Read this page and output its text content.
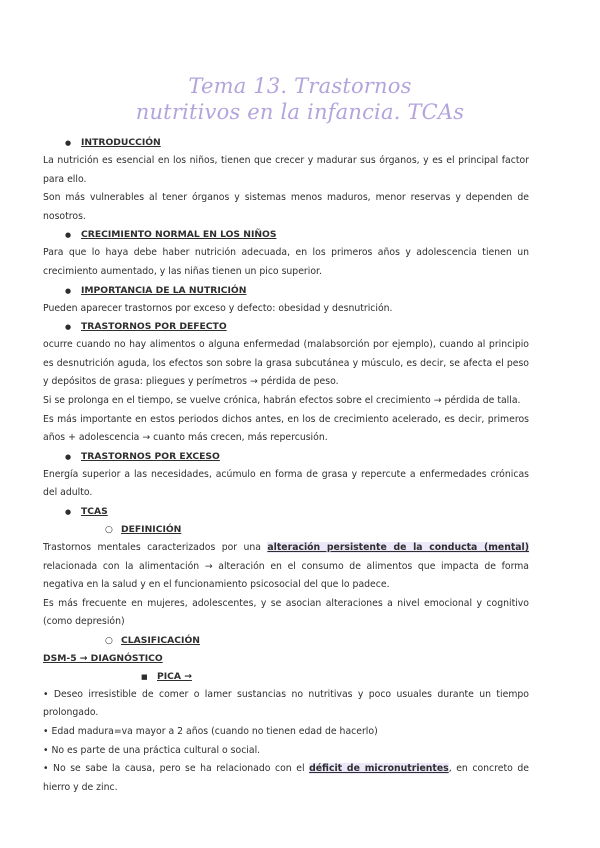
Tema 13. Trastornos
nutritivos en la infancia. TCAs
●INTRODUCCIÓN

La nutrición es esencial en los niños, tienen que crecer y madurar sus órganos, y es el principal factor para ello.

Son más vulnerables al tener órganos y sistemas menos maduros, menor reservas y dependen de nosotros.

●CRECIMIENTO NORMAL EN LOS NIÑOS

Para que lo haya debe haber nutrición adecuada, en los primeros años y adolescencia tienen un crecimiento aumentado, y las niñas tienen un pico superior.

●IMPORTANCIA DE LA NUTRICIÓN

Pueden aparecer trastornos por exceso y defecto: obesidad y desnutrición.

●TRASTORNOS POR DEFECTO

ocurre cuando no hay alimentos o alguna enfermedad (malabsorción por ejemplo), cuando al principio es desnutrición aguda, los efectos son sobre la grasa subcutánea y músculo, es decir, se afecta el peso y depósitos de grasa: pliegues y perímetros → pérdida de peso.

Si se prolonga en el tiempo, se vuelve crónica, habrán efectos sobre el crecimiento → pérdida de talla.

Es más importante en estos periodos dichos antes, en los de crecimiento acelerado, es decir, primeros años + adolescencia → cuanto más crecen, más repercusión.

●TRASTORNOS POR EXCESO

Energía superior a las necesidades, acúmulo en forma de grasa y repercute a enfermedades crónicas del adulto.

●TCAS
○DEFINICIÓN

Trastornos mentales caracterizados por una alteración persistente de la conducta (mental) relacionada con la alimentación → alteración en el consumo de alimentos que impacta de forma negativa en la salud y en el funcionamiento psicosocial del que lo padece.

Es más frecuente en mujeres, adolescentes, y se asocian alteraciones a nivel emocional y cognitivo (como depresión)

○CLASIFICACIÓN
DSM-5 → DIAGNÓSTICO
■PICA →

• Deseo irresistible de comer o lamer sustancias no nutritivas y poco usuales durante un tiempo prolongado.

• Edad madura=va mayor a 2 años (cuando no tienen edad de hacerlo)

• No es parte de una práctica cultural o social.

• No se sabe la causa, pero se ha relacionado con el déficit de micronutrientes, en concreto de hierro y de zinc.
